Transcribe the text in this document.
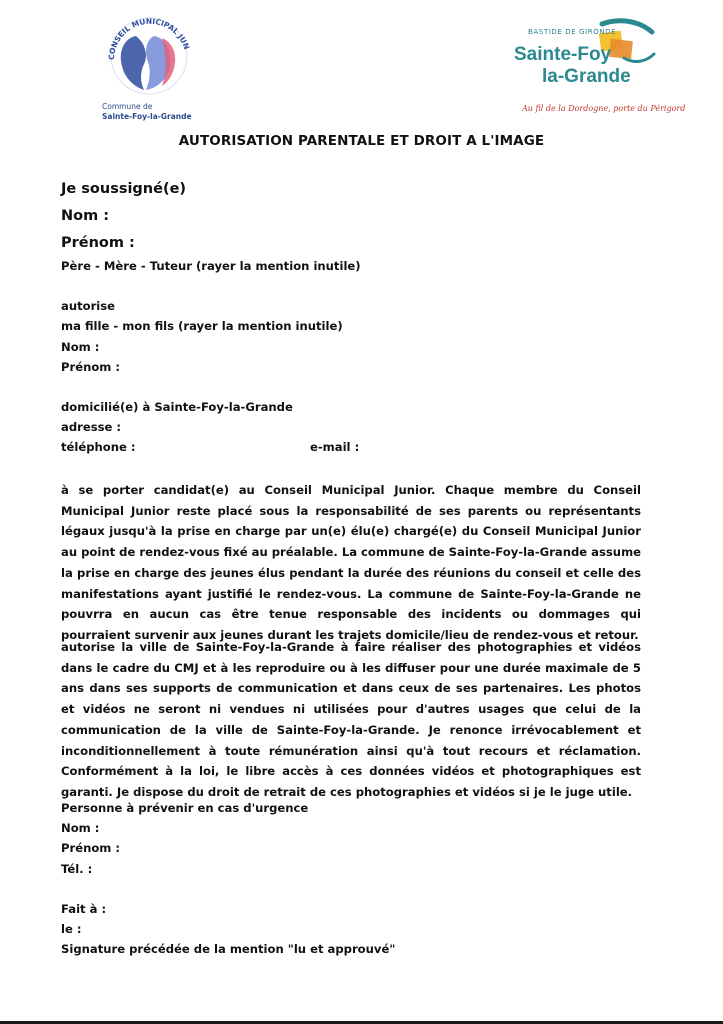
CONSEIL MUNICIPAL JUN
Commune de
Sainte-Foy-la-Grande
BASTIDE DE GIRONDE
Sainte-Foy
la-Grande
Au fil de la Dordogne, porte du Périgord
AUTORISATION PARENTALE ET DROIT A L'IMAGE
Je soussigné(e)
Nom :
Prénom :
Père - Mère - Tuteur (rayer la mention inutile)
autorise
ma fille - mon fils (rayer la mention inutile)
Nom :
Prénom :
domicilié(e) à Sainte-Foy-la-Grande
adresse :
téléphone :	e-mail :
à se porter candidat(e) au Conseil Municipal Junior. Chaque membre du Conseil Municipal Junior reste placé sous la responsabilité de ses parents ou représentants légaux jusqu'à la prise en charge par un(e) élu(e) chargé(e) du Conseil Municipal Junior au point de rendez-vous fixé au préalable. La commune de Sainte-Foy-la-Grande assume la prise en charge des jeunes élus pendant la durée des réunions du conseil et celle des manifestations ayant justifié le rendez-vous. La commune de Sainte-Foy-la-Grande ne pouvrra en aucun cas être tenue responsable des incidents ou dommages qui pourraient survenir aux jeunes durant les trajets domicile/lieu de rendez-vous et retour.
autorise la ville de Sainte-Foy-la-Grande à faire réaliser des photographies et vidéos dans le cadre du CMJ et à les reproduire ou à les diffuser pour une durée maximale de 5 ans dans ses supports de communication et dans ceux de ses partenaires. Les photos et vidéos ne seront ni vendues ni utilisées pour d'autres usages que celui de la communication de la ville de Sainte-Foy-la-Grande. Je renonce irrévocablement et inconditionnellement à toute rémunération ainsi qu'à tout recours et réclamation. Conformément à la loi, le libre accès à ces données vidéos et photographiques est garanti. Je dispose du droit de retrait de ces photographies et vidéos si je le juge utile.
Personne à prévenir en cas d'urgence
Nom :
Prénom :
Tél. :
Fait à :
le :
Signature précédée de la mention "lu et approuvé"
